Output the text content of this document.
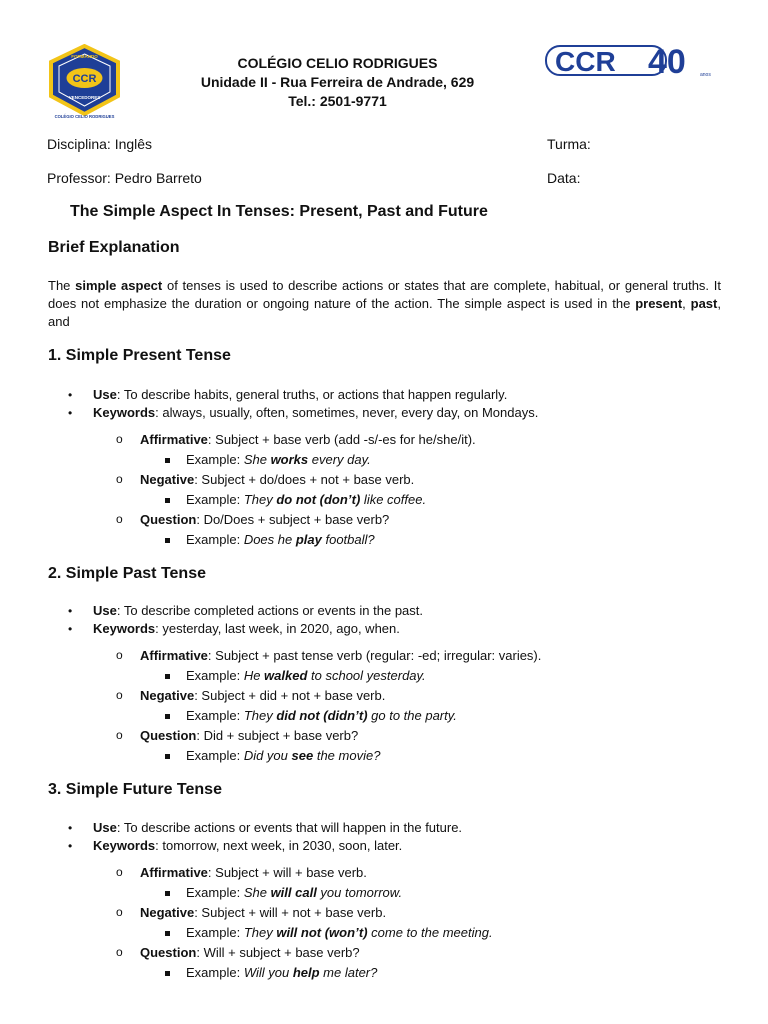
FORMANDO
CCR
VENCEDORES
COLÉGIO CELIO RODRIGUES
COLÉGIO CELIO RODRIGUES
Unidade II - Rua Ferreira de Andrade, 629
Tel.: 2501-9771
CCR 40	anos
Disciplina: Inglês	Turma:
Professor: Pedro Barreto	Data:
The Simple Aspect In Tenses: Present, Past and Future
Brief Explanation

The simple aspect of tenses is used to describe actions or states that are complete, habitual, or general truths. It does not emphasize the duration or ongoing nature of the action. The simple aspect is used in the present, past, and

1. Simple Present Tense
• Use: To describe habits, general truths, or actions that happen regularly.
• Keywords: always, usually, often, sometimes, never, every day, on Mondays.
o Affirmative: Subject + base verb (add -s/-es for he/she/it).
Example: She works every day.
o Negative: Subject + do/does + not + base verb.
Example: They do not (don’t) like coffee.
o Question: Do/Does + subject + base verb?
Example: Does he play football?
2. Simple Past Tense
• Use: To describe completed actions or events in the past.
• Keywords: yesterday, last week, in 2020, ago, when.
o Affirmative: Subject + past tense verb (regular: -ed; irregular: varies).
Example: He walked to school yesterday.
o Negative: Subject + did + not + base verb.
Example: They did not (didn’t) go to the party.
o Question: Did + subject + base verb?
Example: Did you see the movie?
3. Simple Future Tense
• Use: To describe actions or events that will happen in the future.
• Keywords: tomorrow, next week, in 2030, soon, later.
o Affirmative: Subject + will + base verb.
Example: She will call you tomorrow.
o Negative: Subject + will + not + base verb.
Example: They will not (won’t) come to the meeting.
o Question: Will + subject + base verb?
Example: Will you help me later?
